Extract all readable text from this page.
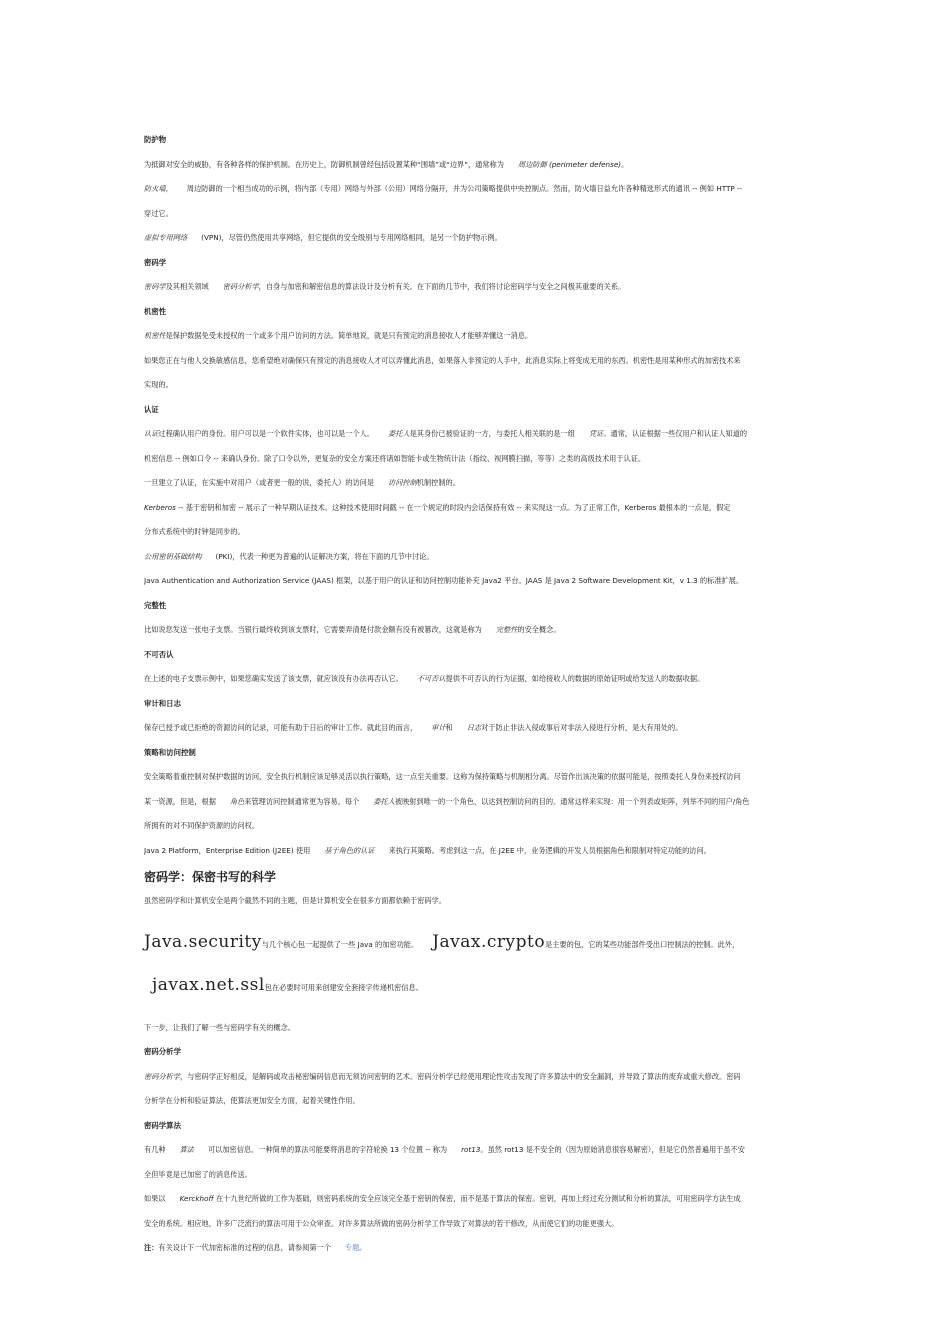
防护物

为抵御对安全的威胁，有各种各样的保护机制。在历史上，防御机制曾经包括设置某种“围墙”或“边界”，通常称为 周边防御 (perimeter defense)。

防火墙， 周边防御的一个相当成功的示例，将内部（专用）网络与外部（公用）网络分隔开，并为公司策略提供中央控制点。然而，防火墙日益允许各种精选形式的通讯 -- 例如 HTTP --

穿过它。

虚拟专用网络 (VPN)，尽管仍然使用共享网络，但它提供的安全级别与专用网络相同，是另一个防护物示例。

密码学

密码学及其相关领域 密码分析学，自身与加密和解密信息的算法设计及分析有关。在下面的几节中，我们将讨论密码学与安全之间极其重要的关系。

机密性

机密性是保护数据免受未授权的一个或多个用户访问的方法。简单地说，就是只有预定的消息接收人才能够弄懂这一消息。

如果您正在与他人交换敏感信息，您希望绝对确保只有预定的消息接收人才可以弄懂此消息，如果落入非预定的人手中，此消息实际上将变成无用的东西。机密性是用某种形式的加密技术来

实现的。

认证

认证过程确认用户的身份。用户可以是一个软件实体，也可以是一个人。 委托人是其身份已被验证的一方，与委托人相关联的是一组 凭证。通常，认证根据一些仅用户和认证人知道的

机密信息 -- 例如口令 -- 来确认身份。除了口令以外，更复杂的安全方案还将诸如智能卡或生物统计法（指纹、视网膜扫描，等等）之类的高级技术用于认证。

一旦建立了认证，在实施中对用户（或者更一般的说，委托人）的访问是 访问控制机制控制的。

Kerberos -- 基于密钥和加密 -- 展示了一种早期认证技术。这种技术使用时间戳 -- 在一个规定的时段内会话保持有效 -- 来实现这一点。为了正常工作，Kerberos 最根本的一点是，假定

分布式系统中的时钟是同步的。

公用密钥基础结构 (PKI)，代表一种更为普遍的认证解决方案，将在下面的几节中讨论。

Java Authentication and Authorization Service (JAAS) 框架，以基于用户的认证和访问控制功能补充 Java2 平台。JAAS 是 Java 2 Software Development Kit，v 1.3 的标准扩展。

完整性

比如说您发送一张电子支票。当银行最终收到该支票时，它需要弄清楚付款金额有没有被篡改，这就是称为 完整性的安全概念。

不可否认

在上述的电子支票示例中，如果您确实发送了该支票，就应该没有办法再否认它。 不可否认提供不可否认的行为证据，如给接收人的数据的原始证明或给发送人的数据收据。

审计和日志

保存已授予或已拒绝的资源访问的记录，可能有助于日后的审计工作。就此目的而言， 审计和 日志对于防止非法入侵或事后对非法入侵进行分析，是大有用处的。

策略和访问控制

安全策略着重控制对保护数据的访问，安全执行机制应该足够灵活以执行策略，这一点至关重要。这称为保持策略与机制相分离。尽管作出该决策的依据可能是，按照委托人身份来授权访问

某一资源，但是，根据 角色来管理访问控制通常更为容易。每个 委托人被映射到唯一的一个角色，以达到控制访问的目的。通常这样来实现：用一个列表或矩阵，列举不同的用户/角色

所拥有的对不同保护资源的访问权。

Java 2 Platform，Enterprise Edition (J2EE) 使用 基于角色的认证 来执行其策略。考虑到这一点，在 J2EE 中，业务逻辑的开发人员根据角色和限制对特定功能的访问。

密码学：保密书写的科学

虽然密码学和计算机安全是两个截然不同的主题，但是计算机安全在很多方面都依赖于密码学。

Java.security与几个核心包一起提供了一些 Java 的加密功能。 Javax.crypto是主要的包，它的某些功能部件受出口控制法的控制。此外，

javax.net.ssl包在必要时可用来创建安全套接字传递机密信息。

下一步，让我们了解一些与密码学有关的概念。

密码分析学

密码分析学，与密码学正好相反，是解码或攻击秘密编码信息而无须访问密钥的艺术。密码分析学已经使用理论性攻击发现了许多算法中的安全漏洞，并导致了算法的废弃或重大修改。密码

分析学在分析和验证算法，使算法更加安全方面，起着关键性作用。

密码学算法

有几种 算法 可以加密信息。一种简单的算法可能要将消息的字符轮换 13 个位置 -- 称为 rot13。虽然 rot13 是不安全的（因为原始消息很容易解密），但是它仍然普遍用于虽不安

全但毕竟是已加密了的消息传送。

如果以 Kerckhoff 在十九世纪所做的工作为基础，则密码系统的安全应该完全基于密钥的保密，而不是基于算法的保密。密钥，再加上经过充分测试和分析的算法，可用密码学方法生成

安全的系统。相应地，许多广泛流行的算法可用于公众审查。对许多算法所做的密码分析学工作导致了对算法的若干修改，从而使它们的功能更强大。

注：有关设计下一代加密标准的过程的信息，请参阅第一个 专题。
